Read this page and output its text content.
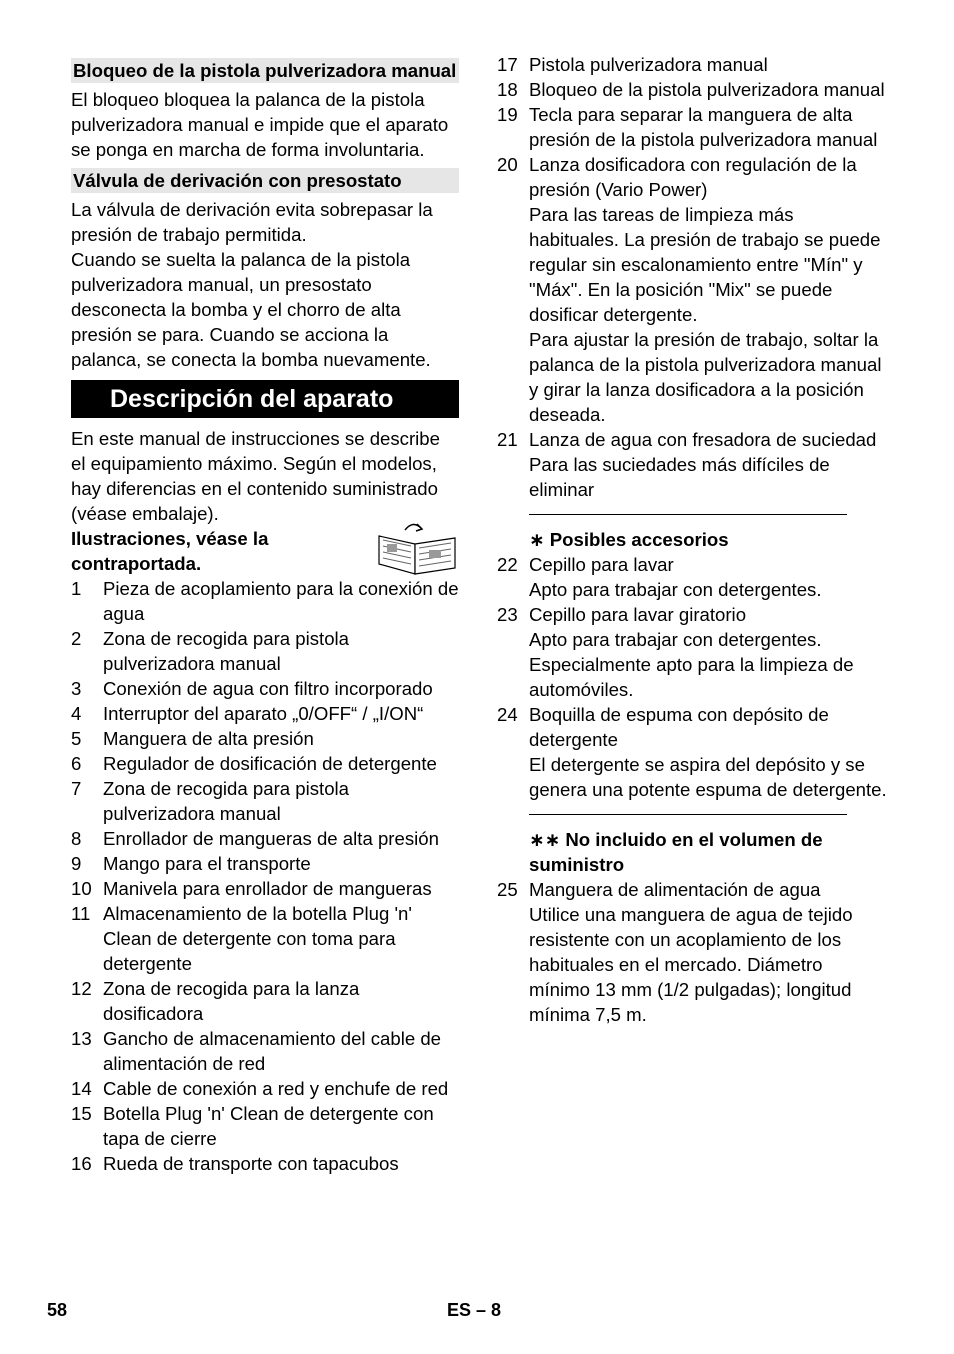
Bloqueo de la pistola pulverizadora manual

El bloqueo bloquea la palanca de la pistola pulverizadora manual e impide que el aparato se ponga en marcha de forma involuntaria.

Válvula de derivación con presostato

La válvula de derivación evita sobrepasar la presión de trabajo permitida.

Cuando se suelta la palanca de la pistola pulverizadora manual, un presostato desconecta la bomba y el chorro de alta presión se para. Cuando se acciona la palanca, se conecta la bomba nuevamente.

Descripción del aparato

En este manual de instrucciones se describe el equipamiento máximo. Según el modelos, hay diferencias en el contenido suministrado (véase embalaje).

Ilustraciones, véase la contraportada.
1	Pieza de acoplamiento para la conexión de agua
2	Zona de recogida para pistola pulverizadora manual
3	Conexión de agua con filtro incorporado
4	Interruptor del aparato „0/OFF“ / „I/ON“
5	Manguera de alta presión
6	Regulador de dosificación de detergente
7	Zona de recogida para pistola pulverizadora manual
8	Enrollador de mangueras de alta presión
9	Mango para el transporte
10 Manivela para enrollador de mangueras
11 Almacenamiento de la botella Plug 'n' Clean de detergente con toma para detergente
12 Zona de recogida para la lanza dosificadora
13 Gancho de almacenamiento del cable de alimentación de red
14 Cable de conexión a red y enchufe de red
15 Botella Plug 'n' Clean de detergente con tapa de cierre
16 Rueda de transporte con tapacubos
17 Pistola pulverizadora manual
18 Bloqueo de la pistola pulverizadora manual
19 Tecla para separar la manguera de alta presión de la pistola pulverizadora manual
20 Lanza dosificadora con regulación de la presión (Vario Power)

Para las tareas de limpieza más habituales. La presión de trabajo se puede regular sin escalonamiento entre "Mín" y "Máx". En la posición "Mix" se puede dosificar detergente.

Para ajustar la presión de trabajo, soltar la palanca de la pistola pulverizadora manual y girar la lanza dosificadora a la posición deseada.

21 Lanza de agua con fresadora de suciedad

Para las suciedades más difíciles de eliminar

∗ Posibles accesorios

22 Cepillo para lavar

Apto para trabajar con detergentes.

23 Cepillo para lavar giratorio

Apto para trabajar con detergentes. Especialmente apto para la limpieza de automóviles.

24 Boquilla de espuma con depósito de detergente

El detergente se aspira del depósito y se genera una potente espuma de detergente.

∗∗ No incluido en el volumen de suministro

25 Manguera de alimentación de agua

Utilice una manguera de agua de tejido resistente con un acoplamiento de los habituales en el mercado. Diámetro mínimo 13 mm (1/2 pulgadas); longitud mínima 7,5 m.

58	ES – 8
